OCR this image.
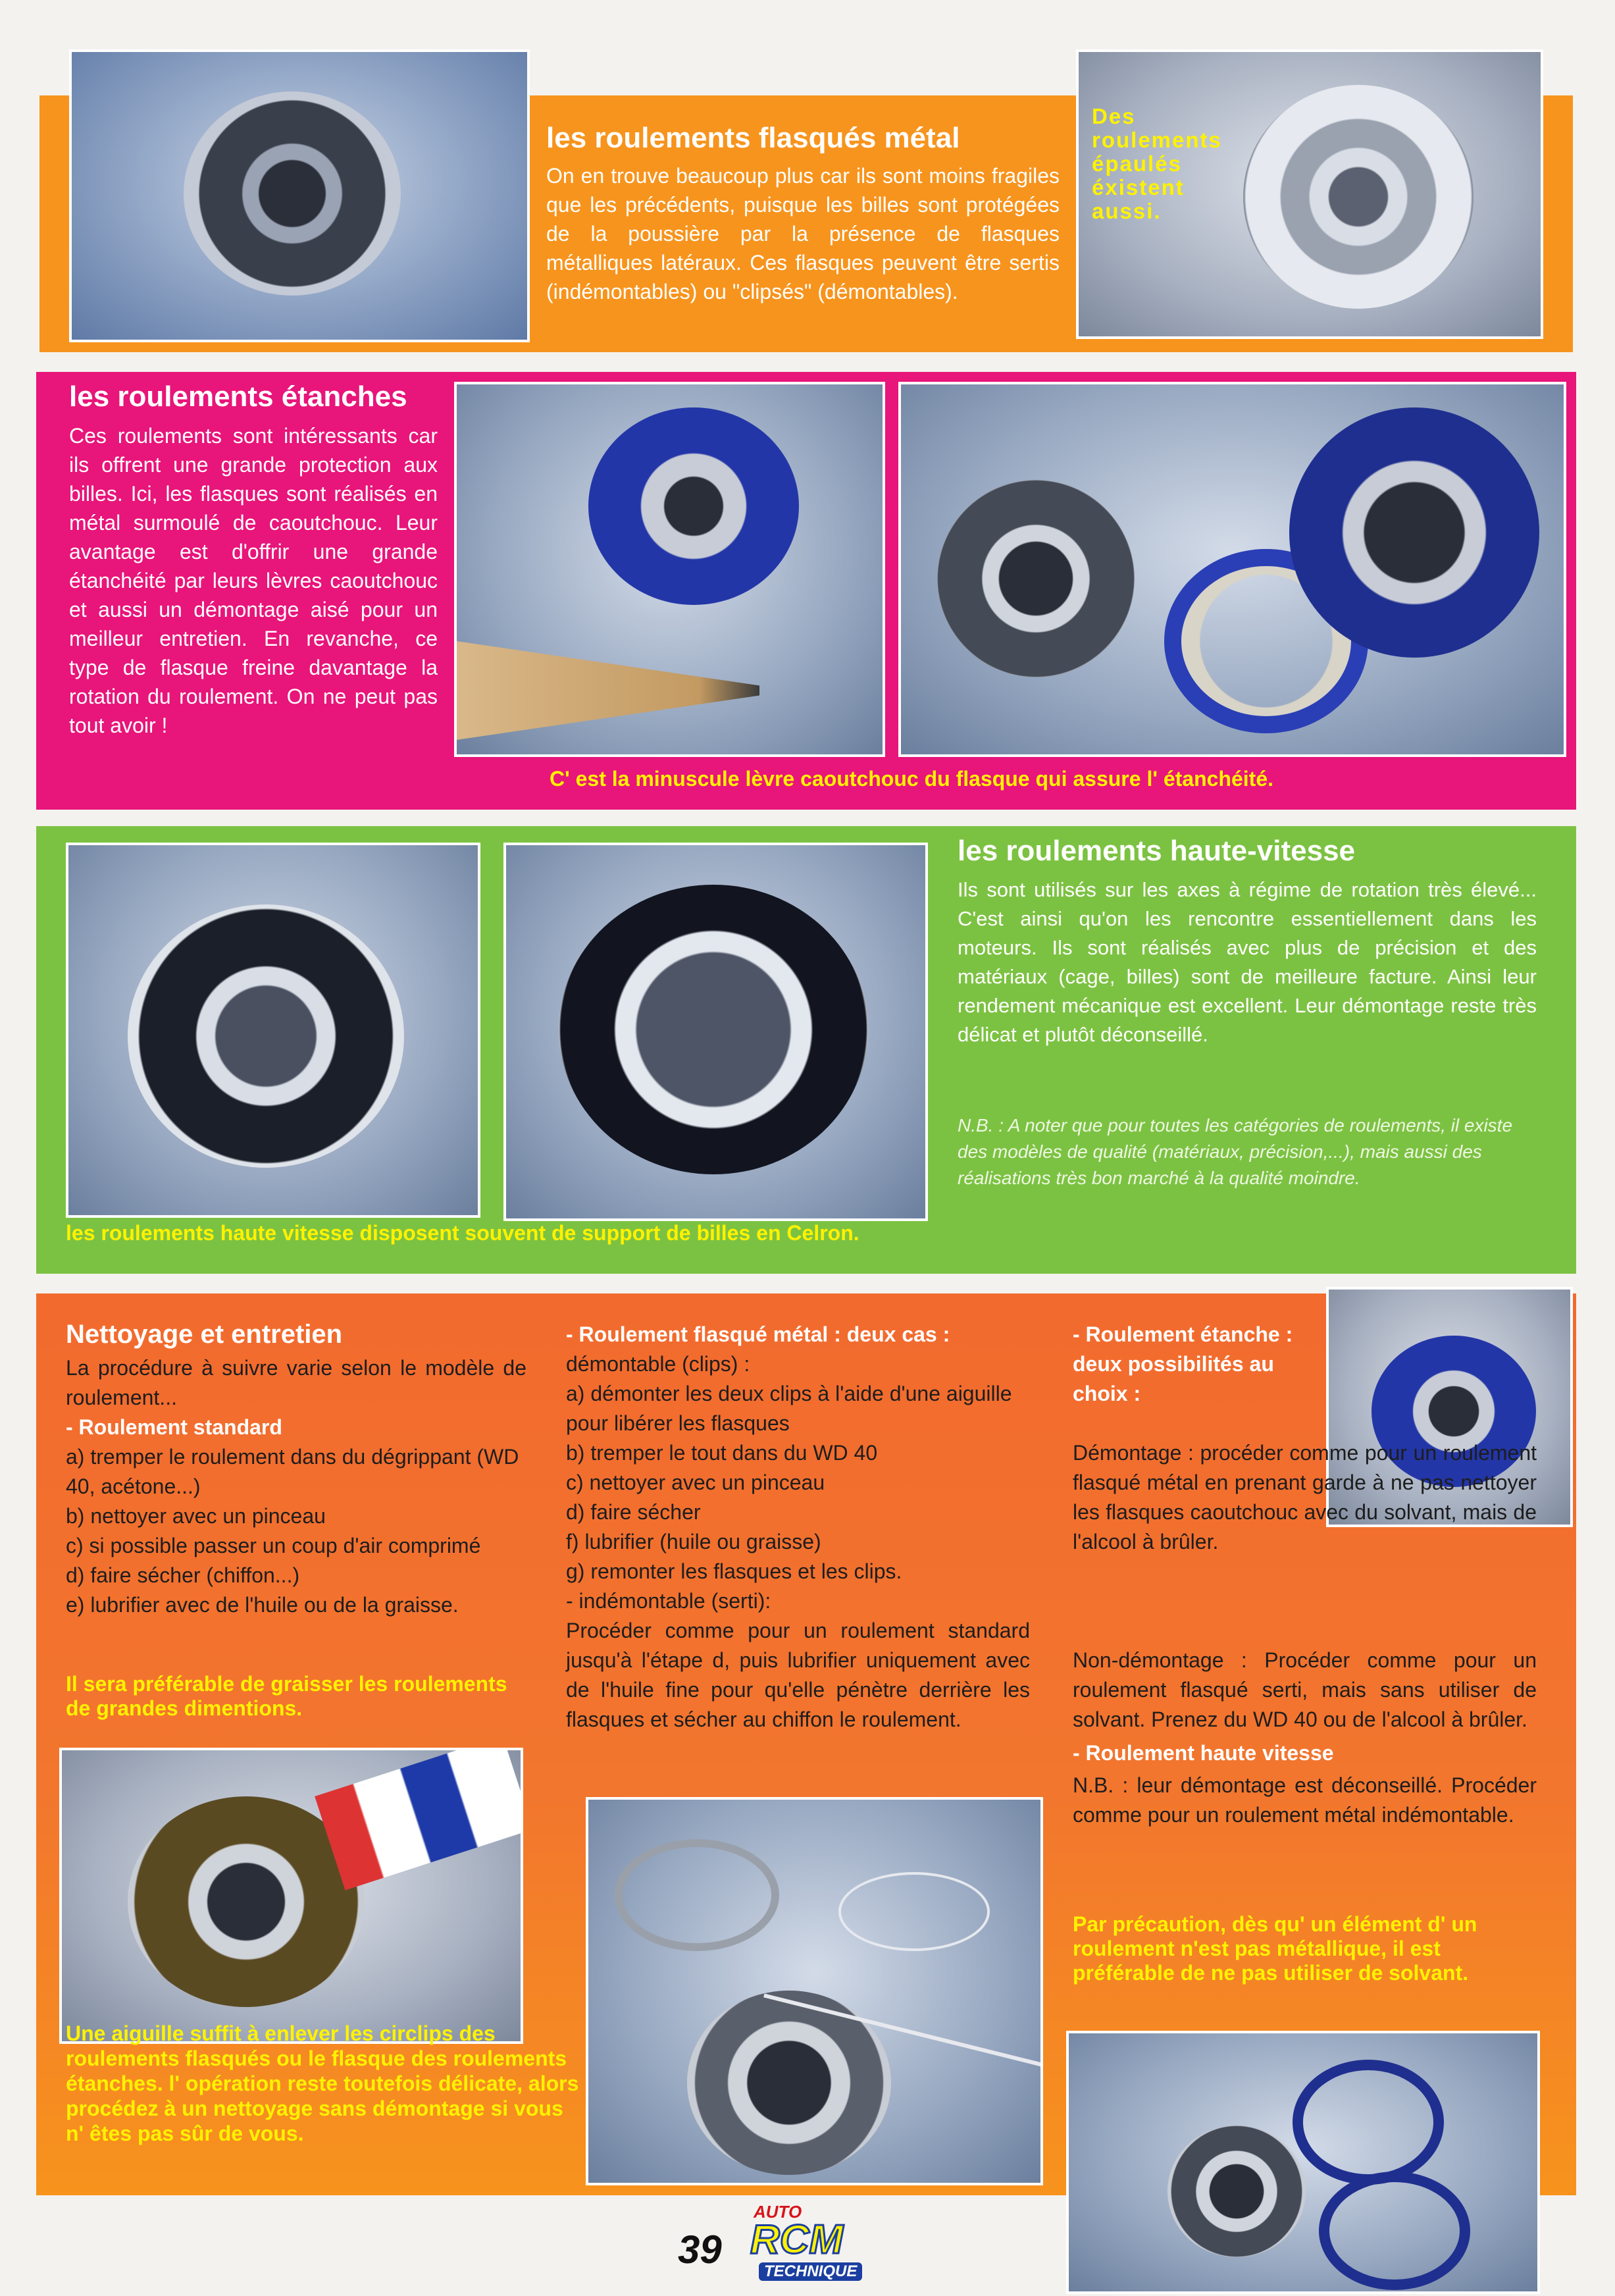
les roulements flasqués métal

On en trouve beaucoup plus car ils sont moins fragiles que les précédents, puisque les billes sont protégées de la poussière par la présence de flasques métalliques latéraux. Ces flasques peuvent être sertis (indémontables) ou "clipsés" (démontables).

Des roulements épaulés éxistent aussi.

les roulements étanches

Ces roulements sont intéressants car ils offrent une grande protection aux billes. Ici, les flasques sont réalisés en métal surmoulé de caoutchouc. Leur avantage est d'offrir une grande étanchéité par leurs lèvres caoutchouc et aussi un démontage aisé pour un meilleur entretien. En revanche, ce type de flasque freine davantage la rotation du roulement. On ne peut pas tout avoir !

C' est la minuscule lèvre caoutchouc du flasque qui assure l' étanchéité.

les roulements haute-vitesse

Ils sont utilisés sur les axes à régime de rotation très élevé... C'est ainsi qu'on les rencontre essentiellement dans les moteurs. Ils sont réalisés avec plus de précision et des matériaux (cage, billes) sont de meilleure facture. Ainsi leur rendement mécanique est excellent. Leur démontage reste très délicat et plutôt déconseillé.

N.B. : A noter que pour toutes les catégories de roulements, il existe des modèles de qualité (matériaux, précision,...), mais aussi des réalisations très bon marché à la qualité moindre.

les roulements haute vitesse disposent souvent de support de billes en Celron.

Nettoyage et entretien

La procédure à suivre varie selon le modèle de roulement...

- Roulement standard

a) tremper le roulement dans du dégrippant (WD 40, acétone...)

b) nettoyer avec un pinceau

c) si possible passer un coup d'air comprimé

d) faire sécher (chiffon...)

e) lubrifier avec de l'huile ou de la graisse.

Il sera préférable de graisser les roulements de grandes dimentions.

Une aiguille suffit à enlever les circlips des roulements flasqués ou le flasque des roulements étanches. l' opération reste toutefois délicate, alors procédez à un nettoyage sans démontage si vous n' êtes pas sûr de vous.

- Roulement flasqué métal : deux cas :

démontable (clips) :

a) démonter les deux clips à l'aide d'une aiguille pour libérer les flasques

b) tremper le tout dans du WD 40

c) nettoyer avec un pinceau

d) faire sécher

f) lubrifier (huile ou graisse)

g) remonter les flasques et les clips.

- indémontable (serti):

Procéder comme pour un roulement standard jusqu'à l'étape d, puis lubrifier uniquement avec de l'huile fine pour qu'elle pénètre derrière les flasques et sécher au chiffon le roulement.

- Roulement étanche : deux possibilités au choix :

Démontage : procéder comme pour un roulement flasqué métal en prenant garde à ne pas nettoyer les flasques caoutchouc avec du solvant, mais de l'alcool à brûler.

Non-démontage : Procéder comme pour un roulement flasqué serti, mais sans utiliser de solvant. Prenez du WD 40 ou de l'alcool à brûler.

- Roulement haute vitesse

N.B. : leur démontage est déconseillé. Procéder comme pour un roulement métal indémontable.

Par précaution, dès qu' un élément d' un roulement n'est pas métallique, il est préférable de ne pas utiliser de solvant.

39
AUTO
RCM
TECHNIQUE
